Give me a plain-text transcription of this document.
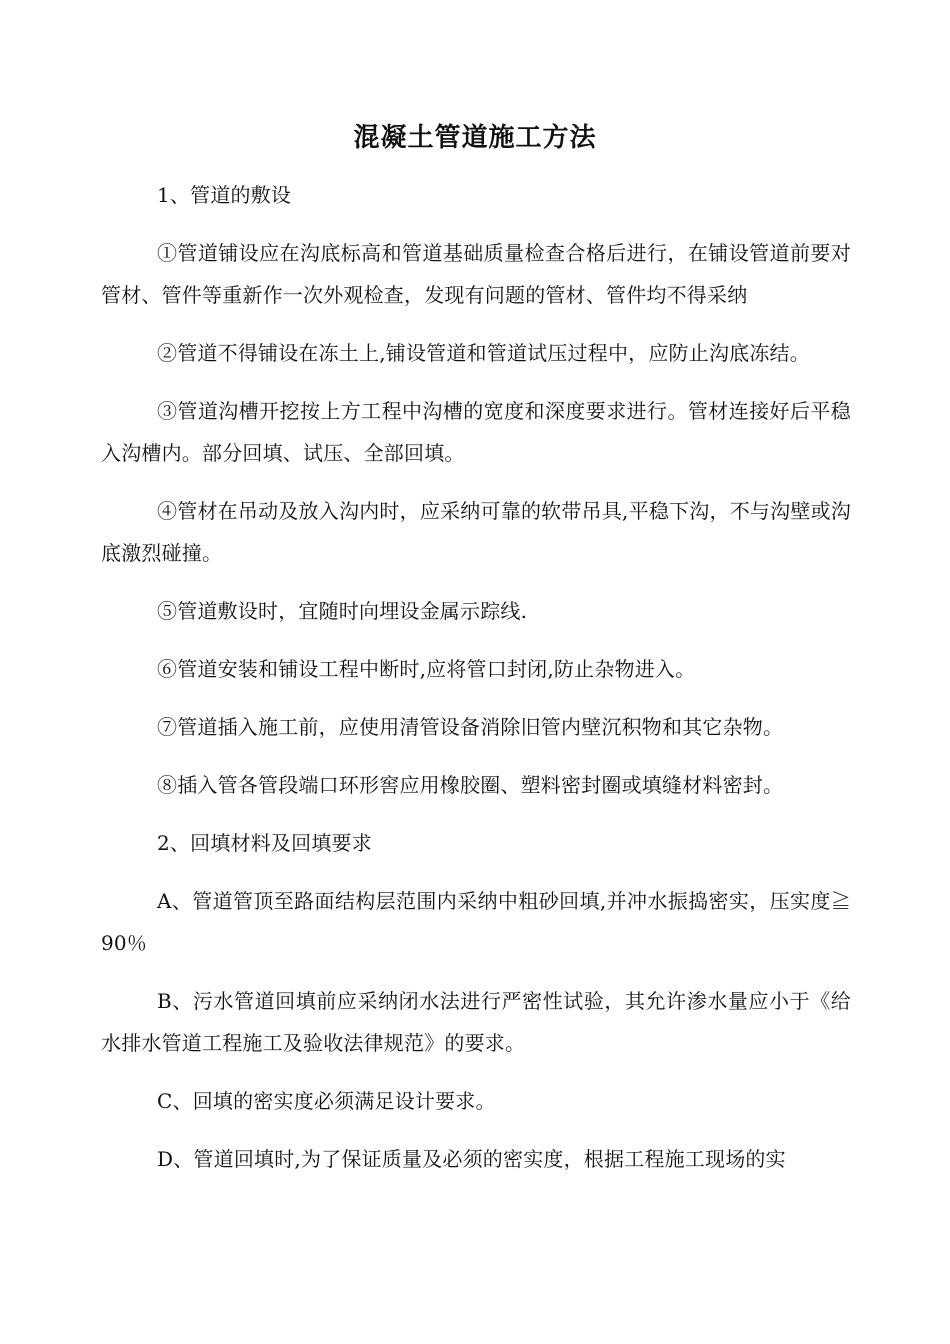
混凝土管道施工方法

1、管道的敷设

①管道铺设应在沟底标高和管道基础质量检查合格后进行，在铺设管道前要对管材、管件等重新作一次外观检查，发现有问题的管材、管件均不得采纳

②管道不得铺设在冻土上,铺设管道和管道试压过程中，应防止沟底冻结。

③管道沟槽开挖按上方工程中沟槽的宽度和深度要求进行。管材连接好后平稳入沟槽内。部分回填、试压、全部回填。

④管材在吊动及放入沟内时，应采纳可靠的软带吊具,平稳下沟，不与沟壁或沟底激烈碰撞。

⑤管道敷设时，宜随时向埋设金属示踪线.

⑥管道安装和铺设工程中断时,应将管口封闭,防止杂物进入。

⑦管道插入施工前，应使用清管设备消除旧管内壁沉积物和其它杂物。

⑧插入管各管段端口环形窖应用橡胶圈、塑料密封圈或填缝材料密封。

2、回填材料及回填要求

A、管道管顶至路面结构层范围内采纳中粗砂回填,并冲水振捣密实，压实度≧90％

B、污水管道回填前应采纳闭水法进行严密性试验，其允许渗水量应小于《给水排水管道工程施工及验收法律规范》的要求。

C、回填的密实度必须满足设计要求。

D、管道回填时,为了保证质量及必须的密实度，根据工程施工现场的实
